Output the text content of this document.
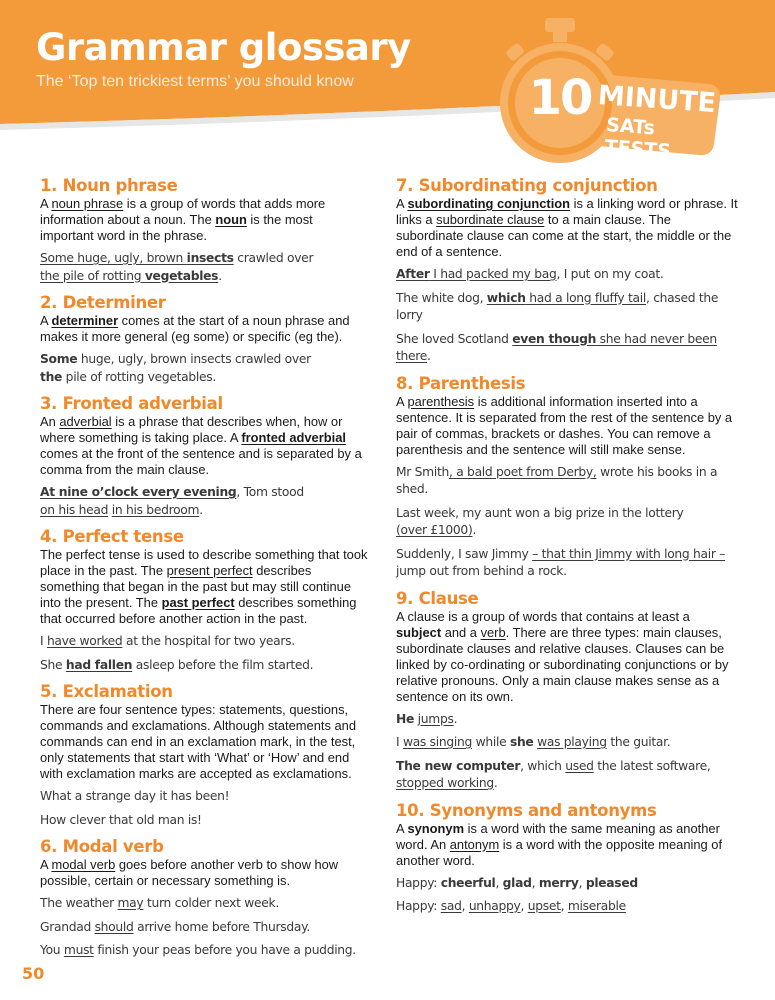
Grammar glossary
The ‘Top ten trickiest terms’ you should know	10 MINUTE
SATs TESTS
1. Noun phrase

A noun phrase is a group of words that adds more information about a noun. The noun is the most important word in the phrase.

Some huge, ugly, brown insects crawled over
the pile of rotting vegetables.

2. Determiner

A determiner comes at the start of a noun phrase and makes it more general (eg some) or specific (eg the).

Some huge, ugly, brown insects crawled over
the pile of rotting vegetables.

3. Fronted adverbial

An adverbial is a phrase that describes when, how or where something is taking place. A fronted adverbial comes at the front of the sentence and is separated by a comma from the main clause.

At nine o’clock every evening, Tom stood
on his head in his bedroom.

4. Perfect tense

The perfect tense is used to describe something that took place in the past. The present perfect describes something that began in the past but may still continue into the present. The past perfect describes something that occurred before another action in the past.

I have worked at the hospital for two years.

She had fallen asleep before the film started.

5. Exclamation

There are four sentence types: statements, questions, commands and exclamations. Although statements and commands can end in an exclamation mark, in the test, only statements that start with ‘What’ or ‘How’ and end with exclamation marks are accepted as exclamations.

What a strange day it has been!

How clever that old man is!

6. Modal verb

A modal verb goes before another verb to show how possible, certain or necessary something is.

The weather may turn colder next week.

Grandad should arrive home before Thursday.

You must finish your peas before you have a pudding.

7. Subordinating conjunction

A subordinating conjunction is a linking word or phrase. It links a subordinate clause to a main clause. The subordinate clause can come at the start, the middle or the end of a sentence.

After I had packed my bag, I put on my coat.

The white dog, which had a long fluffy tail, chased the lorry

She loved Scotland even though she had never been there.

8. Parenthesis

A parenthesis is additional information inserted into a sentence. It is separated from the rest of the sentence by a pair of commas, brackets or dashes. You can remove a parenthesis and the sentence will still make sense.

Mr Smith, a bald poet from Derby, wrote his books in a shed.

Last week, my aunt won a big prize in the lottery
(over £1000).

Suddenly, I saw Jimmy – that thin Jimmy with long hair –
jump out from behind a rock.

9. Clause

A clause is a group of words that contains at least a subject and a verb. There are three types: main clauses, subordinate clauses and relative clauses. Clauses can be linked by co-ordinating or subordinating conjunctions or by relative pronouns. Only a main clause makes sense as a sentence on its own.

He jumps.

I was singing while she was playing the guitar.

The new computer, which used the latest software,
stopped working.

10. Synonyms and antonyms

A synonym is a word with the same meaning as another word. An antonym is a word with the opposite meaning of another word.

Happy: cheerful, glad, merry, pleased

Happy: sad, unhappy, upset, miserable

50
